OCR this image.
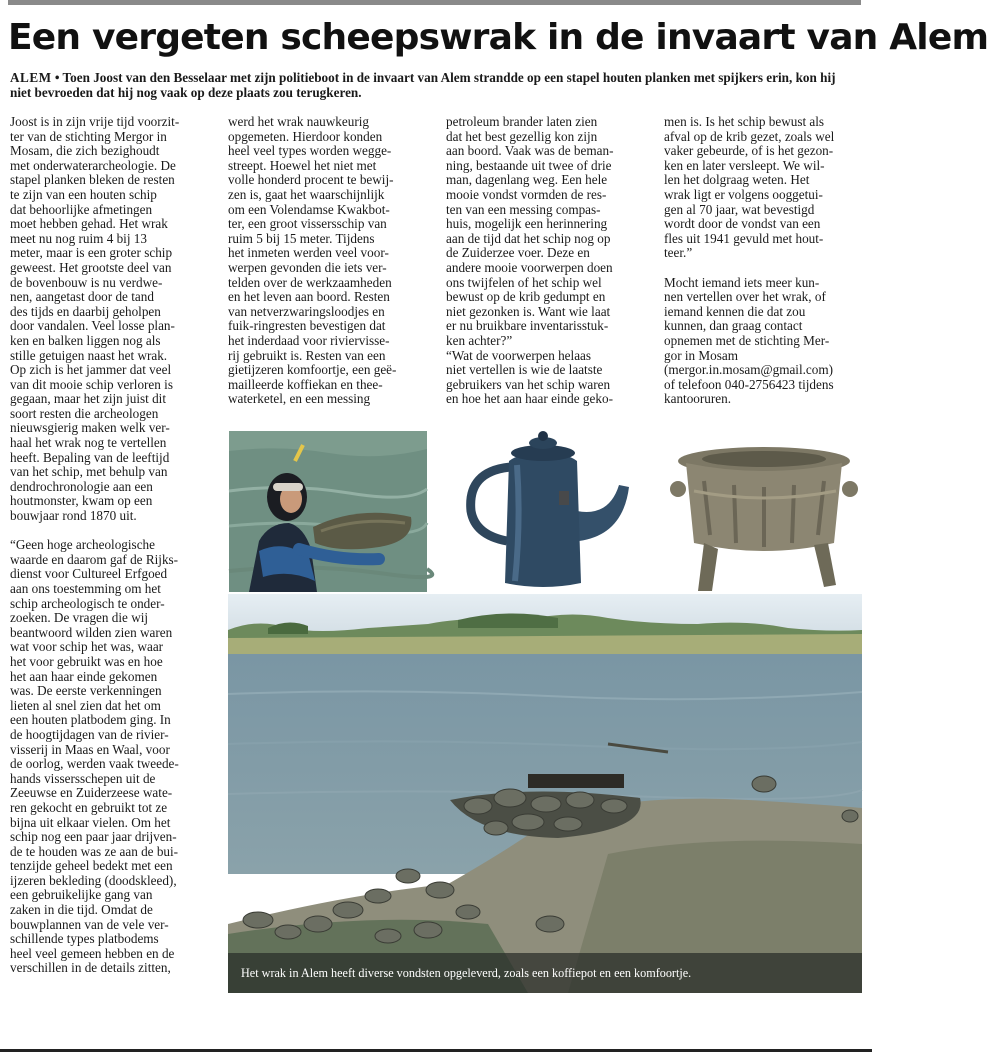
Een vergeten scheepswrak in de invaart van Alem

ALEM • Toen Joost van den Besselaar met zijn politieboot in de invaart van Alem strandde op een stapel houten planken met spijkers erin, kon hij niet bevroeden dat hij nog vaak op deze plaats zou terugkeren.

Joost is in zijn vrije tijd voorzit-
ter van de stichting Mergor in
Mosam, die zich bezighoudt
met onderwaterarcheologie. De
stapel planken bleken de resten
te zijn van een houten schip
dat behoorlijke afmetingen
moet hebben gehad. Het wrak
meet nu nog ruim 4 bij 13
meter, maar is een groter schip
geweest. Het grootste deel van
de bovenbouw is nu verdwe-
nen, aangetast door de tand
des tijds en daarbij geholpen
door vandalen. Veel losse plan-
ken en balken liggen nog als
stille getuigen naast het wrak.
Op zich is het jammer dat veel
van dit mooie schip verloren is
gegaan, maar het zijn juist dit
soort resten die archeologen
nieuwsgierig maken welk ver-
haal het wrak nog te vertellen
heeft. Bepaling van de leeftijd
van het schip, met behulp van
dendrochronologie aan een
houtmonster, kwam op een
bouwjaar rond 1870 uit.
“Geen hoge archeologische
waarde en daarom gaf de Rijks-
dienst voor Cultureel Erfgoed
aan ons toestemming om het
schip archeologisch te onder-
zoeken. De vragen die wij
beantwoord wilden zien waren
wat voor schip het was, waar
het voor gebruikt was en hoe
het aan haar einde gekomen
was. De eerste verkenningen
lieten al snel zien dat het om
een houten platbodem ging. In
de hoogtijdagen van de rivier-
visserij in Maas en Waal, voor
de oorlog, werden vaak tweede-
hands vissersschepen uit de
Zeeuwse en Zuiderzeese wate-
ren gekocht en gebruikt tot ze
bijna uit elkaar vielen. Om het
schip nog een paar jaar drijven-
de te houden was ze aan de bui-
tenzijde geheel bedekt met een
ijzeren bekleding (doodskleed),
een gebruikelijke gang van
zaken in die tijd. Omdat de
bouwplannen van de vele ver-
schillende types platbodems
heel veel gemeen hebben en de
verschillen in de details zitten,
werd het wrak nauwkeurig
opgemeten. Hierdoor konden
heel veel types worden wegge-
streept. Hoewel het niet met
volle honderd procent te bewij-
zen is, gaat het waarschijnlijk
om een Volendamse Kwakbot-
ter, een groot vissersschip van
ruim 5 bij 15 meter. Tijdens
het inmeten werden veel voor-
werpen gevonden die iets ver-
telden over de werkzaamheden
en het leven aan boord. Resten
van netverzwaringsloodjes en
fuik-ringresten bevestigen dat
het inderdaad voor riviervisse-
rij gebruikt is. Resten van een
gietijzeren komfoortje, een geë-
mailleerde koffiekan en thee-
waterketel, en een messing
petroleum brander laten zien
dat het best gezellig kon zijn
aan boord. Vaak was de beman-
ning, bestaande uit twee of drie
man, dagenlang weg. Een hele
mooie vondst vormden de res-
ten van een messing compas-
huis, mogelijk een herinnering
aan de tijd dat het schip nog op
de Zuiderzee voer. Deze en
andere mooie voorwerpen doen
ons twijfelen of het schip wel
bewust op de krib gedumpt en
niet gezonken is. Want wie laat
er nu bruikbare inventarisstuk-
ken achter?”
“Wat de voorwerpen helaas
niet vertellen is wie de laatste
gebruikers van het schip waren
en hoe het aan haar einde geko-
men is. Is het schip bewust als
afval op de krib gezet, zoals wel
vaker gebeurde, of is het gezon-
ken en later versleept. We wil-
len het dolgraag weten. Het
wrak ligt er volgens ooggetui-
gen al 70 jaar, wat bevestigd
wordt door de vondst van een
fles uit 1941 gevuld met hout-
teer.”
Mocht iemand iets meer kun-
nen vertellen over het wrak, of
iemand kennen die dat zou
kunnen, dan graag contact
opnemen met de stichting Mer-
gor in Mosam
(mergor.in.mosam@gmail.com)
of telefoon 040-2756423 tijdens
kantooruren.
Het wrak in Alem heeft diverse vondsten opgeleverd, zoals een koffiepot en een komfoortje.
